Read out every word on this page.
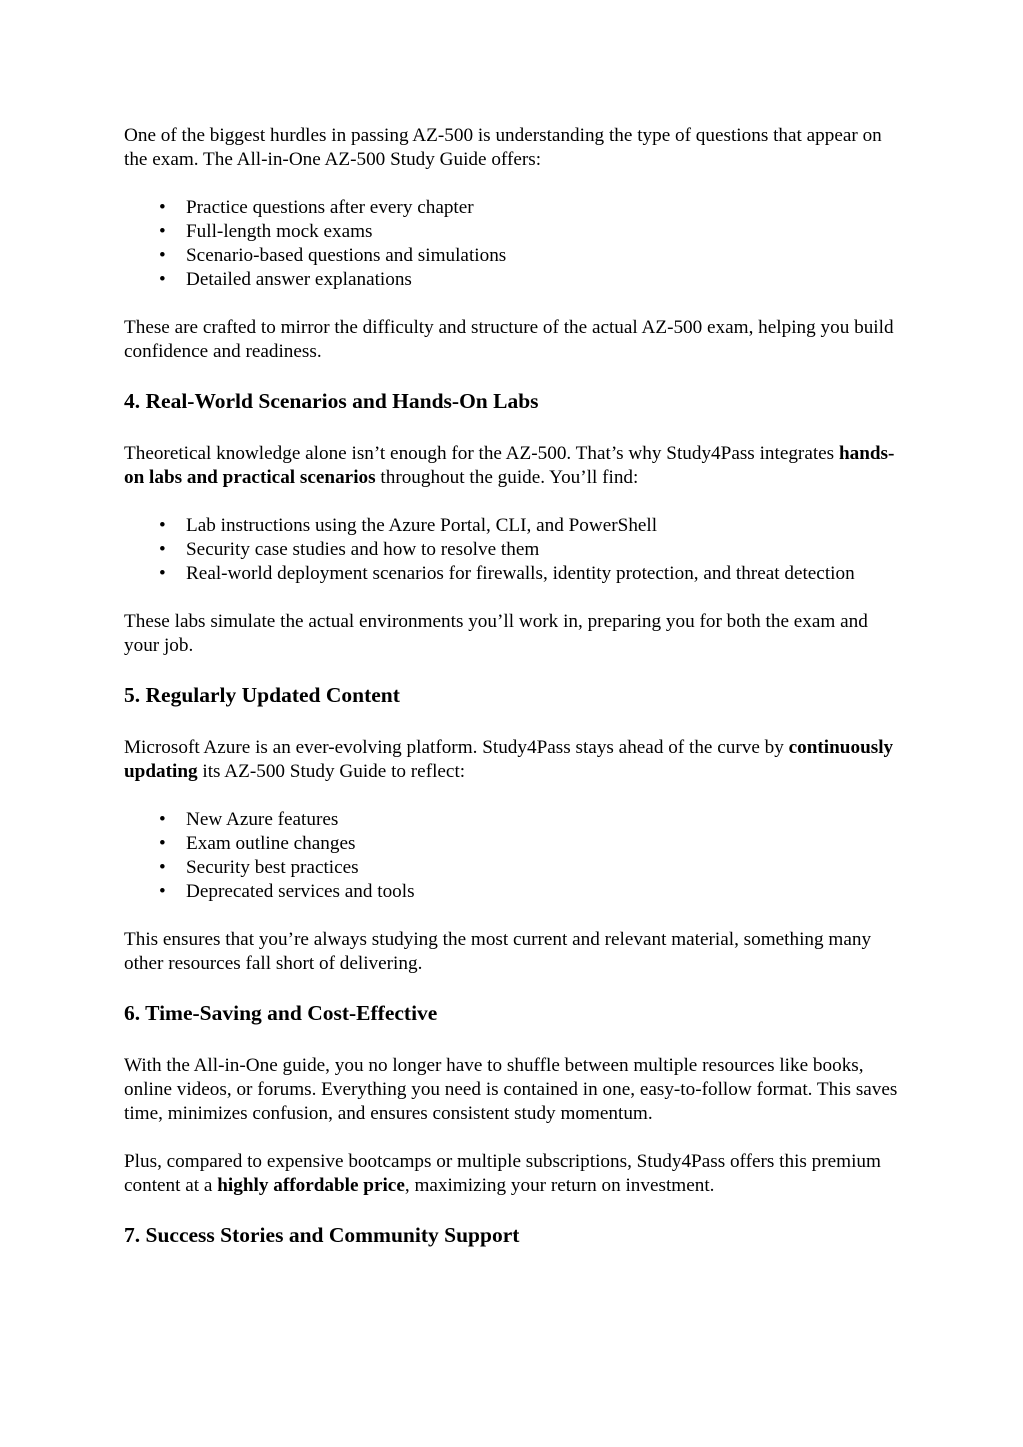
One of the biggest hurdles in passing AZ-500 is understanding the type of questions that appear on the exam. The All-in-One AZ-500 Study Guide offers:

• Practice questions after every chapter
• Full-length mock exams
• Scenario-based questions and simulations
• Detailed answer explanations

These are crafted to mirror the difficulty and structure of the actual AZ-500 exam, helping you build confidence and readiness.

4. Real-World Scenarios and Hands-On Labs

Theoretical knowledge alone isn’t enough for the AZ-500. That’s why Study4Pass integrates hands-on labs and practical scenarios throughout the guide. You’ll find:

• Lab instructions using the Azure Portal, CLI, and PowerShell
• Security case studies and how to resolve them
• Real-world deployment scenarios for firewalls, identity protection, and threat detection

These labs simulate the actual environments you’ll work in, preparing you for both the exam and your job.

5. Regularly Updated Content

Microsoft Azure is an ever-evolving platform. Study4Pass stays ahead of the curve by continuously updating its AZ-500 Study Guide to reflect:

• New Azure features
• Exam outline changes
• Security best practices
• Deprecated services and tools

This ensures that you’re always studying the most current and relevant material, something many other resources fall short of delivering.

6. Time-Saving and Cost-Effective

With the All-in-One guide, you no longer have to shuffle between multiple resources like books, online videos, or forums. Everything you need is contained in one, easy-to-follow format. This saves time, minimizes confusion, and ensures consistent study momentum.

Plus, compared to expensive bootcamps or multiple subscriptions, Study4Pass offers this premium content at a highly affordable price, maximizing your return on investment.

7. Success Stories and Community Support
